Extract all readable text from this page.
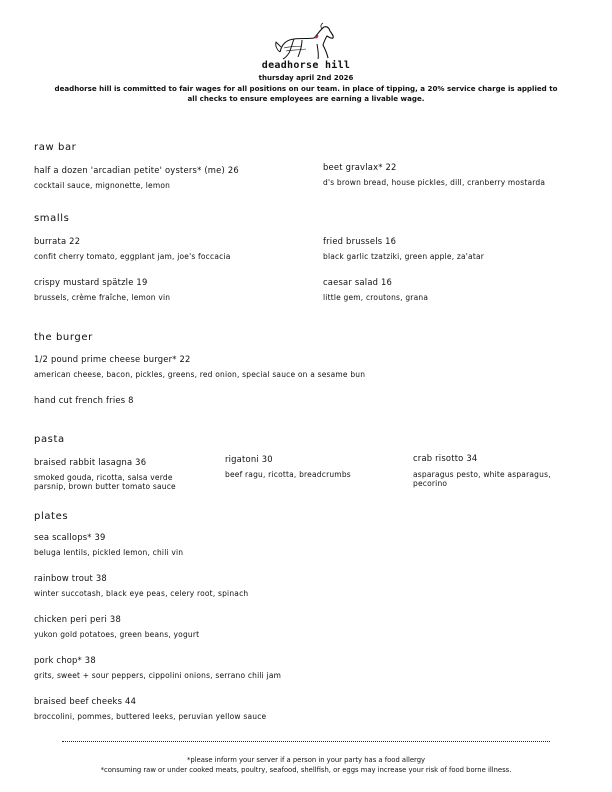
deadhorse hill
thursday april 2nd 2026
deadhorse hill is committed to fair wages for all positions on our team. in place of tipping, a 20% service charge is applied to
all checks to ensure employees are earning a livable wage.
raw bar
half a dozen 'arcadian petite' oysters* (me) 26
cocktail sauce, mignonette, lemon
beet gravlax* 22
d's brown bread, house pickles, dill, cranberry mostarda
smalls
burrata 22
confit cherry tomato, eggplant jam, joe's foccacia
fried brussels 16
black garlic tzatziki, green apple, za'atar
crispy mustard spätzle 19
brussels, crème fraîche, lemon vin
caesar salad 16
little gem, croutons, grana
the burger
1/2 pound prime cheese burger* 22
american cheese, bacon, pickles, greens, red onion, special sauce on a sesame bun
hand cut french fries 8
pasta
braised rabbit lasagna 36
smoked gouda, ricotta, salsa verde
parsnip, brown butter tomato sauce
rigatoni 30
beef ragu, ricotta, breadcrumbs
crab risotto 34
asparagus pesto, white asparagus,
pecorino
plates
sea scallops* 39
beluga lentils, pickled lemon, chili vin
rainbow trout 38
winter succotash, black eye peas, celery root, spinach
chicken peri peri 38
yukon gold potatoes, green beans, yogurt
pork chop* 38
grits, sweet + sour peppers, cippolini onions, serrano chili jam
braised beef cheeks 44
broccolini, pommes, buttered leeks, peruvian yellow sauce
*please inform your server if a person in your party has a food allergy
*consuming raw or under cooked meats, poultry, seafood, shellfish, or eggs may increase your risk of food borne illness.
